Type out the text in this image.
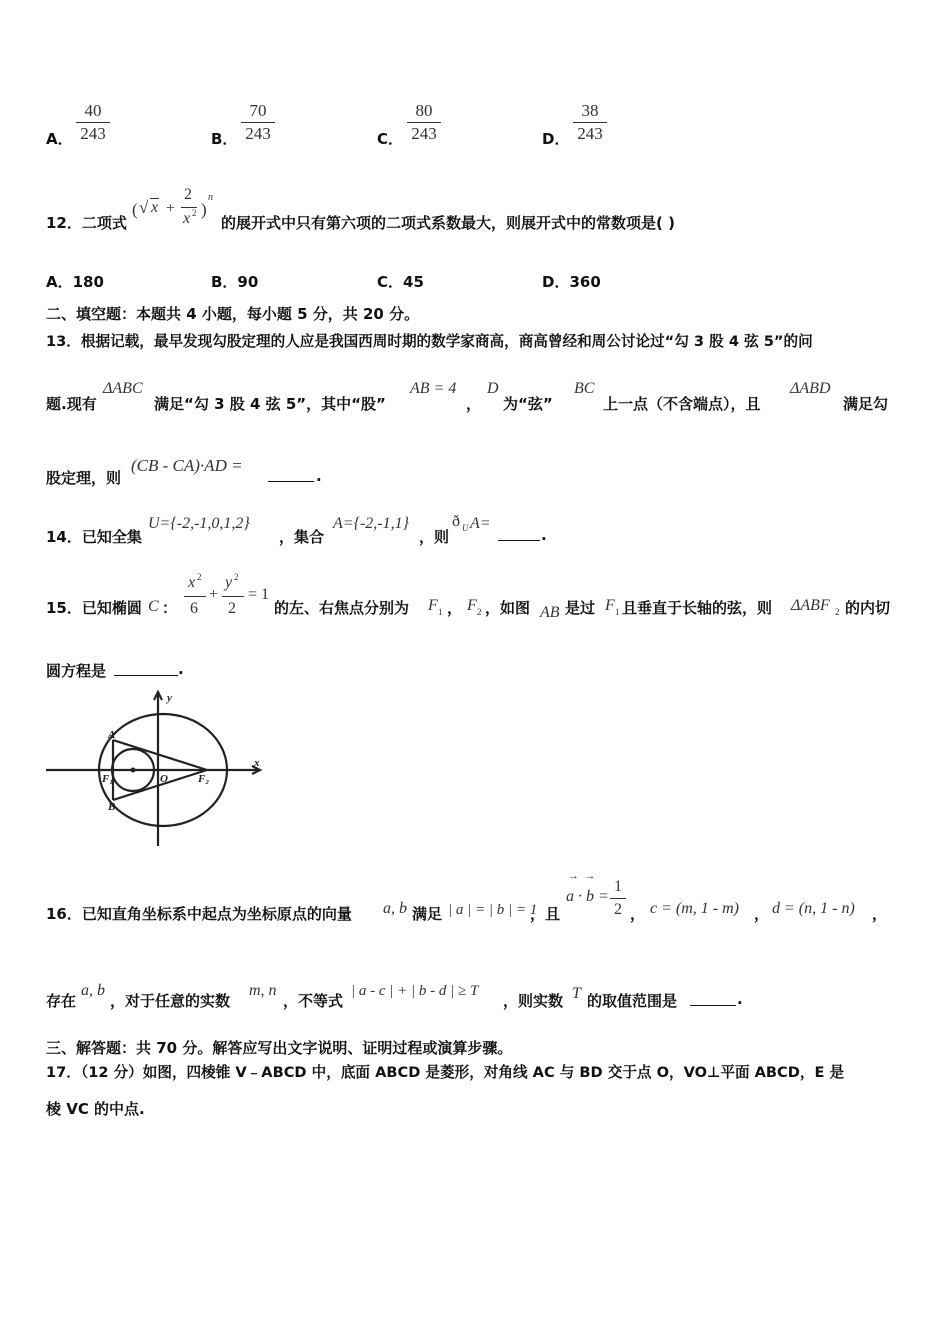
A． $\frac{40}{243}$	B． $\frac{70}{243}$	C． $\frac{80}{243}$	D． $\frac{38}{243}$
12．二项式
( √ x +
2
x 2 )
n
的展开式中只有第六项的二项式系数最大，则展开式中的常数项是( )
A．180	B．90	C．45	D．360
二、填空题：本题共 4 小题，每小题 5 分，共 20 分。
13．根据记载，最早发现勾股定理的人应是我国西周时期的数学家商高，商高曾经和周公讨论过“勾 3 股 4 弦 5”的问
题.现有
ΔABC
满足“勾 3 股 4 弦 5”，其中“股”
AB = 4
，
D
为“弦”
BC
上一点（不含端点），且
ΔABD
满足勾
股定理，则
(CB - CA)·AD =
.
14．已知全集
U={-2,-1,0,1,2}
，集合
A={-2,-1,1}
，则
ð U A=
.
15．已知椭圆 C ：
x 2
6
+
y 2
2
= 1
的左、右焦点分别为 F 1 ， F 2 ，如图 AB 是过 F 1 且垂直于长轴的弦，则 ΔABF 2 的内切
圆方程是	.
y
x
A
B
F₁	O	F₂
16．已知直角坐标系中起点为坐标原点的向量 a, b 满足 | a | = | b | = 1
，且
→  →
$a \cdot b = \frac{1}{2}$ ， c = (m, 1 - m) ， d = (n, 1 - n) ，
存在
a, b
，对于任意的实数
m, n
，不等式
| a - c | + | b - d | ≥ T
，则实数 T 的取值范围是	.
三、解答题：共 70 分。解答应写出文字说明、证明过程或演算步骤。
17．（12 分）如图，四棱锥 V﹣ABCD 中，底面 ABCD 是菱形，对角线 AC 与 BD 交于点 O，VO⊥平面 ABCD，E 是
棱 VC 的中点.
